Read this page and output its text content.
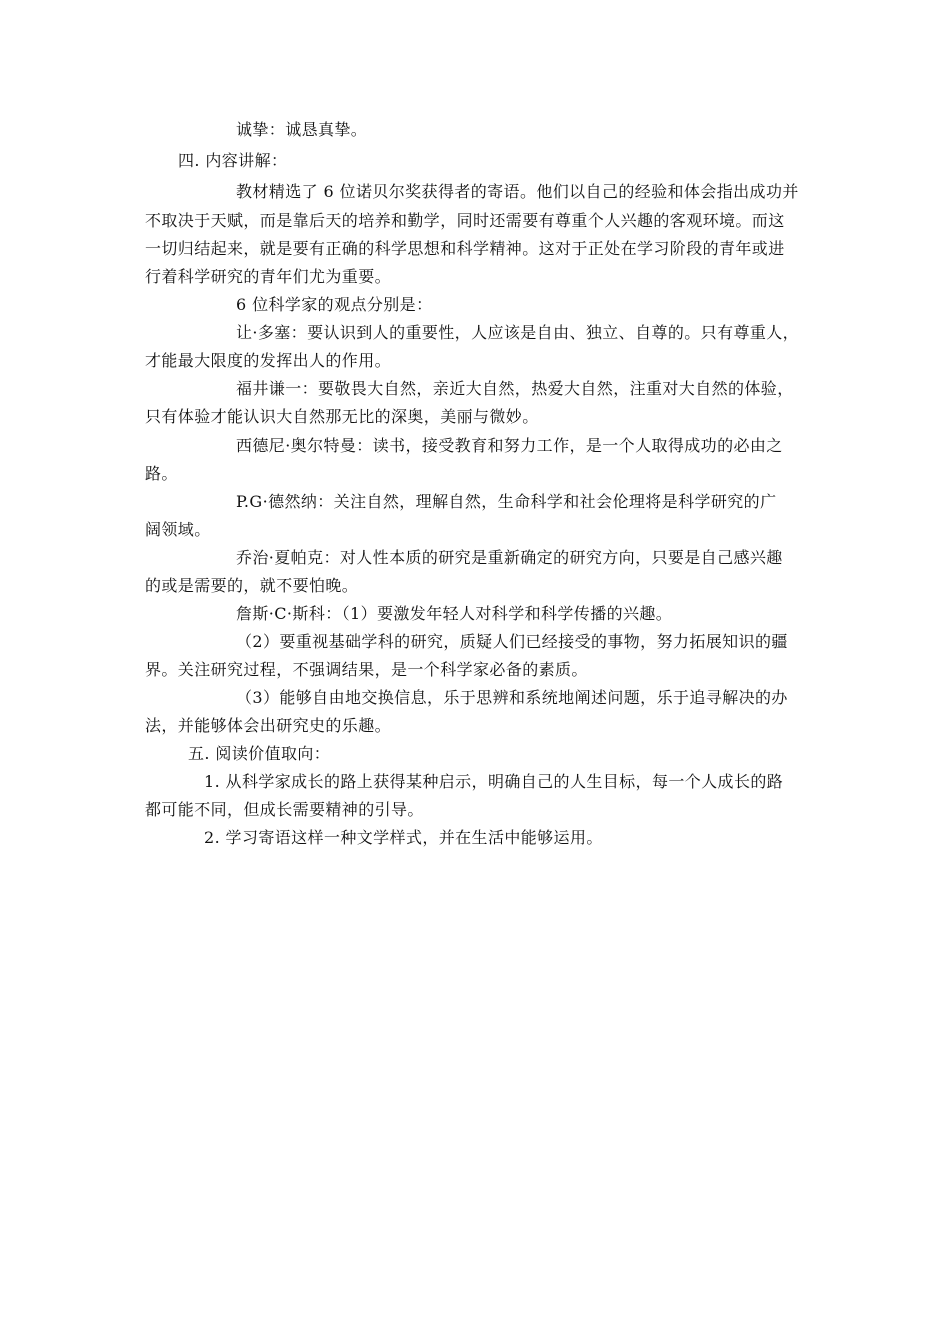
诚挚：诚恳真挚。
四. 内容讲解：
教材精选了 6 位诺贝尔奖获得者的寄语。他们以自己的经验和体会指出成功并
不取决于天赋，而是靠后天的培养和勤学，同时还需要有尊重个人兴趣的客观环境。而这
一切归结起来，就是要有正确的科学思想和科学精神。这对于正处在学习阶段的青年或进
行着科学研究的青年们尤为重要。
6 位科学家的观点分别是：
让·多塞：要认识到人的重要性，人应该是自由、独立、自尊的。只有尊重人，
才能最大限度的发挥出人的作用。
福井谦一：要敬畏大自然，亲近大自然，热爱大自然，注重对大自然的体验，
只有体验才能认识大自然那无比的深奥，美丽与微妙。
西德尼·奥尔特曼：读书，接受教育和努力工作，是一个人取得成功的必由之
路。
P.G·德然纳：关注自然，理解自然，生命科学和社会伦理将是科学研究的广
阔领域。
乔治·夏帕克：对人性本质的研究是重新确定的研究方向，只要是自己感兴趣
的或是需要的，就不要怕晚。
詹斯·C·斯科：（1）要激发年轻人对科学和科学传播的兴趣。
（2）要重视基础学科的研究，质疑人们已经接受的事物，努力拓展知识的疆
界。关注研究过程，不强调结果，是一个科学家必备的素质。
（3）能够自由地交换信息，乐于思辨和系统地阐述问题，乐于追寻解决的办
法，并能够体会出研究史的乐趣。
五. 阅读价值取向：
1. 从科学家成长的路上获得某种启示，明确自己的人生目标，每一个人成长的路
都可能不同，但成长需要精神的引导。
2. 学习寄语这样一种文学样式，并在生活中能够运用。
